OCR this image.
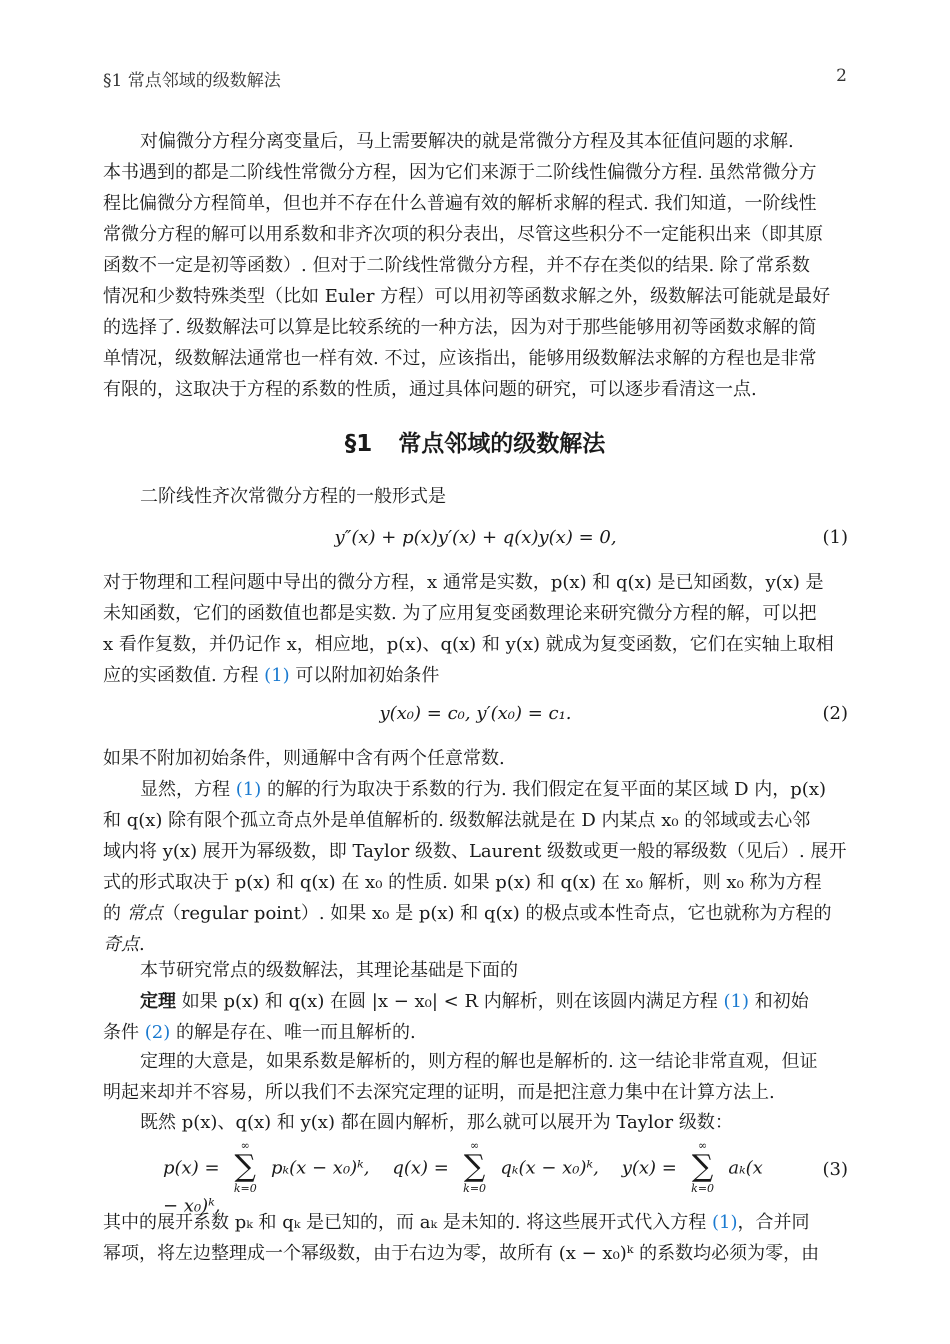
§1 常点邻域的级数解法	2
对偏微分方程分离变量后，马上需要解决的就是常微分方程及其本征值问题的求解.
本书遇到的都是二阶线性常微分方程，因为它们来源于二阶线性偏微分方程. 虽然常微分方
程比偏微分方程简单，但也并不存在什么普遍有效的解析求解的程式. 我们知道，一阶线性
常微分方程的解可以用系数和非齐次项的积分表出，尽管这些积分不一定能积出来（即其原
函数不一定是初等函数）. 但对于二阶线性常微分方程，并不存在类似的结果. 除了常系数
情况和少数特殊类型（比如 Euler 方程）可以用初等函数求解之外，级数解法可能就是最好
的选择了. 级数解法可以算是比较系统的一种方法，因为对于那些能够用初等函数求解的简
单情况，级数解法通常也一样有效. 不过，应该指出，能够用级数解法求解的方程也是非常
有限的，这取决于方程的系数的性质，通过具体问题的研究，可以逐步看清这一点.
§1 常点邻域的级数解法
二阶线性齐次常微分方程的一般形式是
y″(x) + p(x)y′(x) + q(x)y(x) = 0,	(1)
对于物理和工程问题中导出的微分方程，x 通常是实数，p(x) 和 q(x) 是已知函数，y(x) 是
未知函数，它们的函数值也都是实数. 为了应用复变函数理论来研究微分方程的解，可以把
x 看作复数，并仍记作 x，相应地，p(x)、q(x) 和 y(x) 就成为复变函数，它们在实轴上取相
应的实函数值. 方程 (1) 可以附加初始条件
y(x₀) = c₀, y′(x₀) = c₁.	(2)
如果不附加初始条件，则通解中含有两个任意常数.
显然，方程 (1) 的解的行为取决于系数的行为. 我们假定在复平面的某区域 D 内，p(x)
和 q(x) 除有限个孤立奇点外是单值解析的. 级数解法就是在 D 内某点 x₀ 的邻域或去心邻
域内将 y(x) 展开为幂级数，即 Taylor 级数、Laurent 级数或更一般的幂级数（见后）. 展开
式的形式取决于 p(x) 和 q(x) 在 x₀ 的性质. 如果 p(x) 和 q(x) 在 x₀ 解析，则 x₀ 称为方程
的 常点（regular point）. 如果 x₀ 是 p(x) 和 q(x) 的极点或本性奇点，它也就称为方程的
奇点.
本节研究常点的级数解法，其理论基础是下面的
定理 如果 p(x) 和 q(x) 在圆 |x − x₀| < R 内解析，则在该圆内满足方程 (1) 和初始
条件 (2) 的解是存在、唯一而且解析的.
定理的大意是，如果系数是解析的，则方程的解也是解析的. 这一结论非常直观，但证
明起来却并不容易，所以我们不去深究定理的证明，而是把注意力集中在计算方法上.
既然 p(x)、q(x) 和 y(x) 都在圆内解析，那么就可以展开为 Taylor 级数：
p(x) =
∞
∑
k=0
pₖ(x − x₀)ᵏ, q(x) =
∞
∑
k=0
qₖ(x − x₀)ᵏ, y(x) =
∞
∑
k=0
aₖ(x − x₀)ᵏ,
(3)
其中的展开系数 pₖ 和 qₖ 是已知的，而 aₖ 是未知的. 将这些展开式代入方程 (1)，合并同
幂项，将左边整理成一个幂级数，由于右边为零，故所有 (x − x₀)ᵏ 的系数均必须为零，由
